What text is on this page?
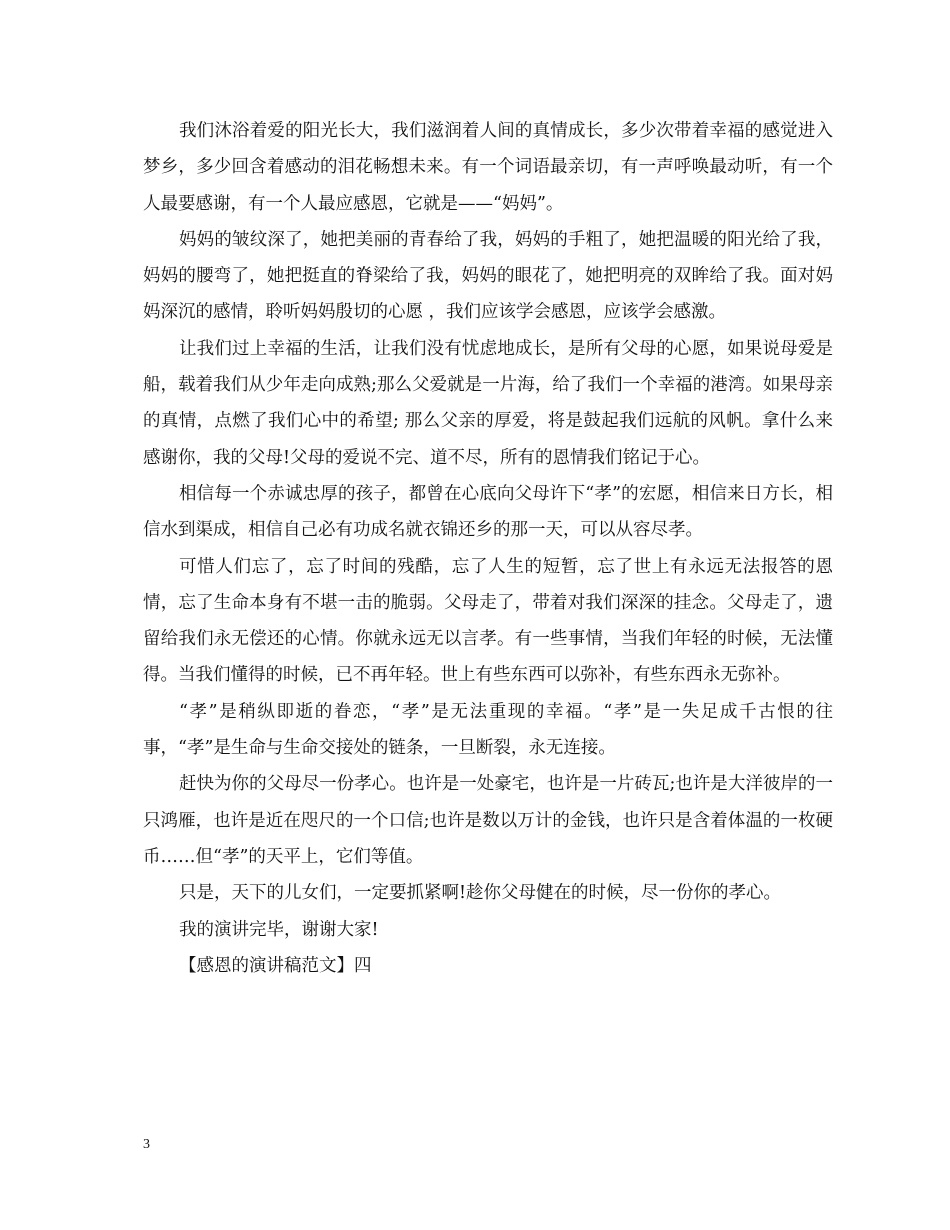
我们沐浴着爱的阳光长大，我们滋润着人间的真情成长，多少次带着幸福的感觉进入梦乡，多少回含着感动的泪花畅想未来。有一个词语最亲切，有一声呼唤最动听，有一个人最要感谢，有一个人最应感恩，它就是——“妈妈”。

妈妈的皱纹深了，她把美丽的青春给了我，妈妈的手粗了，她把温暖的阳光给了我，妈妈的腰弯了，她把挺直的脊梁给了我，妈妈的眼花了，她把明亮的双眸给了我。面对妈妈深沉的感情，聆听妈妈殷切的心愿 ，我们应该学会感恩，应该学会感激。

让我们过上幸福的生活，让我们没有忧虑地成长，是所有父母的心愿，如果说母爱是船，载着我们从少年走向成熟;那么父爱就是一片海，给了我们一个幸福的港湾。如果母亲的真情，点燃了我们心中的希望; 那么父亲的厚爱，将是鼓起我们远航的风帆。拿什么来感谢你，我的父母!父母的爱说不完、道不尽，所有的恩情我们铭记于心。

相信每一个赤诚忠厚的孩子，都曾在心底向父母许下“孝”的宏愿，相信来日方长，相信水到渠成，相信自己必有功成名就衣锦还乡的那一天，可以从容尽孝。

可惜人们忘了，忘了时间的残酷，忘了人生的短暂，忘了世上有永远无法报答的恩情，忘了生命本身有不堪一击的脆弱。父母走了，带着对我们深深的挂念。父母走了，遗留给我们永无偿还的心情。你就永远无以言孝。有一些事情，当我们年轻的时候，无法懂得。当我们懂得的时候，已不再年轻。世上有些东西可以弥补，有些东西永无弥补。

“孝”是稍纵即逝的眷恋，“孝”是无法重现的幸福。“孝”是一失足成千古恨的往事，“孝”是生命与生命交接处的链条，一旦断裂，永无连接。

赶快为你的父母尽一份孝心。也许是一处豪宅，也许是一片砖瓦;也许是大洋彼岸的一只鸿雁，也许是近在咫尺的一个口信;也许是数以万计的金钱，也许只是含着体温的一枚硬币……但“孝”的天平上，它们等值。

只是，天下的儿女们，一定要抓紧啊!趁你父母健在的时候，尽一份你的孝心。

我的演讲完毕，谢谢大家!

【感恩的演讲稿范文】四

3
